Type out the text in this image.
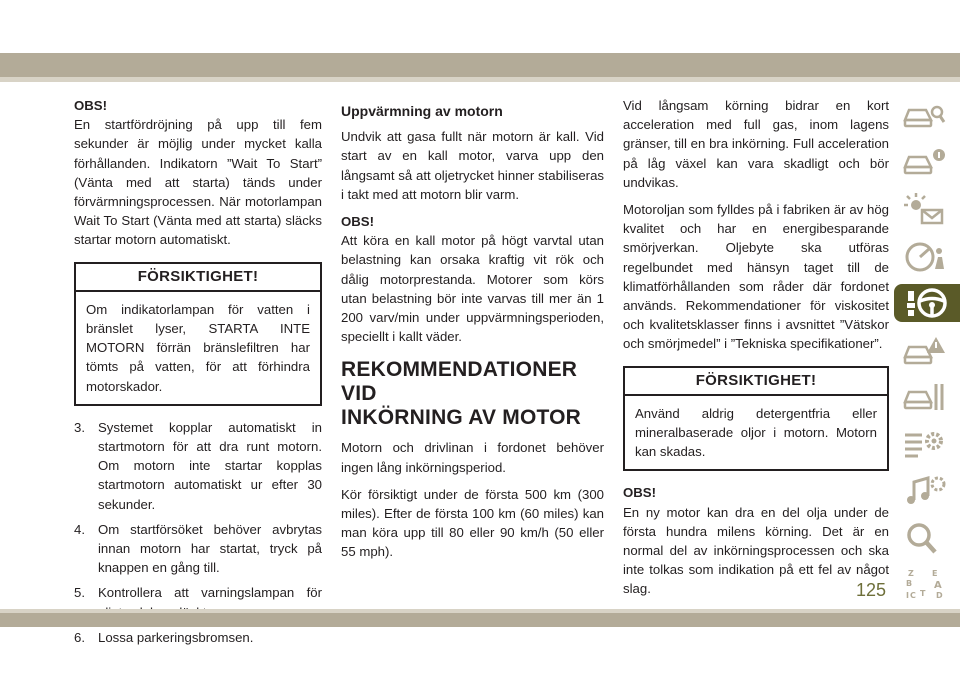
OBS!

En startfördröjning på upp till fem sekunder är möjlig under mycket kalla förhållanden. Indikatorn ”Wait To Start” (Vänta med att starta) tänds under förvärmningsprocessen. När motorlampan Wait To Start (Vänta med att starta) släcks startar motorn automatiskt.

FÖRSIKTIGHET!
Om indikatorlampan för vatten i bränslet lyser, STARTA INTE MOTORN förrän bränslefiltren har tömts på vatten, för att förhindra motorskador.
3. Systemet kopplar automatiskt in startmotorn för att dra runt motorn. Om motorn inte startar kopplas startmotorn automatiskt ur efter 30 sekunder.
4. Om startförsöket behöver avbrytas innan motorn har startat, tryck på knappen en gång till.
5. Kontrollera att varningslampan för
6. Lossa parkeringsbromsen.
Uppvärmning av motorn

Undvik att gasa fullt när motorn är kall. Vid start av en kall motor, varva upp den långsamt så att oljetrycket hinner stabiliseras i takt med att motorn blir varm.

OBS!

Att köra en kall motor på högt varvtal utan belastning kan orsaka kraftig vit rök och dålig motorprestanda. Motorer som körs utan belastning bör inte varvas till mer än 1 200 varv/min under uppvärmningsperioden, speciellt i kallt väder.

REKOMMENDATIONER VID
INKÖRNING AV MOTOR

Motorn och drivlinan i fordonet behöver ingen lång inkörningsperiod.

Kör försiktigt under de första 500 km (300 miles). Efter de första 100 km (60 miles) kan man köra upp till 80 eller 90 km/h (50 eller 55 mph).

Vid långsam körning bidrar en kort acceleration med full gas, inom lagens gränser, till en bra inkörning. Full acceleration på låg växel kan vara skadligt och bör undvikas.

Motoroljan som fylldes på i fabriken är av hög kvalitet och har en energibesparande smörjverkan. Oljebyte ska utföras regelbundet med hänsyn taget till de klimatförhållanden som råder där fordonet används. Rekommendationer för viskositet och kvalitetsklasser finns i avsnittet ”Vätskor och smörjmedel” i ”Tekniska specifikationer”.

FÖRSIKTIGHET!
Använd aldrig detergentfria eller mineralbaserade oljor i motorn. Motorn kan skadas.
OBS!

En ny motor kan dra en del olja under de första hundra milens körning. Det är en normal del av inkörningsprocessen och ska inte tolkas som indikation på ett fel av något slag.

Z E
B A
C T D
I
125
